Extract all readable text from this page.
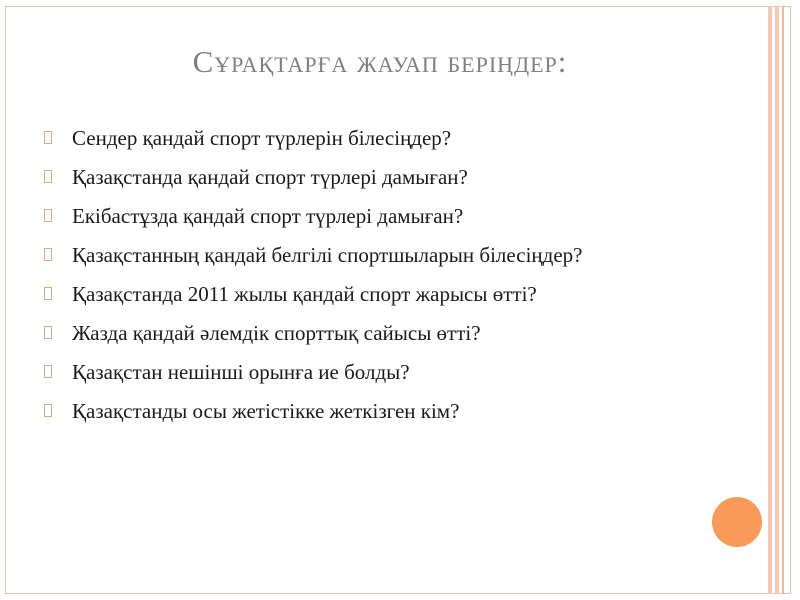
Сұрақтарға жауап беріңдер:
Сендер қандай спорт түрлерін білесіңдер?
Қазақстанда қандай спорт түрлері дамыған?
Екібастұзда қандай спорт түрлері дамыған?
Қазақстанның қандай белгілі спортшыларын білесіңдер?
Қазақстанда 2011 жылы қандай спорт жарысы өтті?
Жазда қандай әлемдік спорттық сайысы өтті?
Қазақстан нешінші орынға ие болды?
Қазақстанды осы жетістікке жеткізген кім?
